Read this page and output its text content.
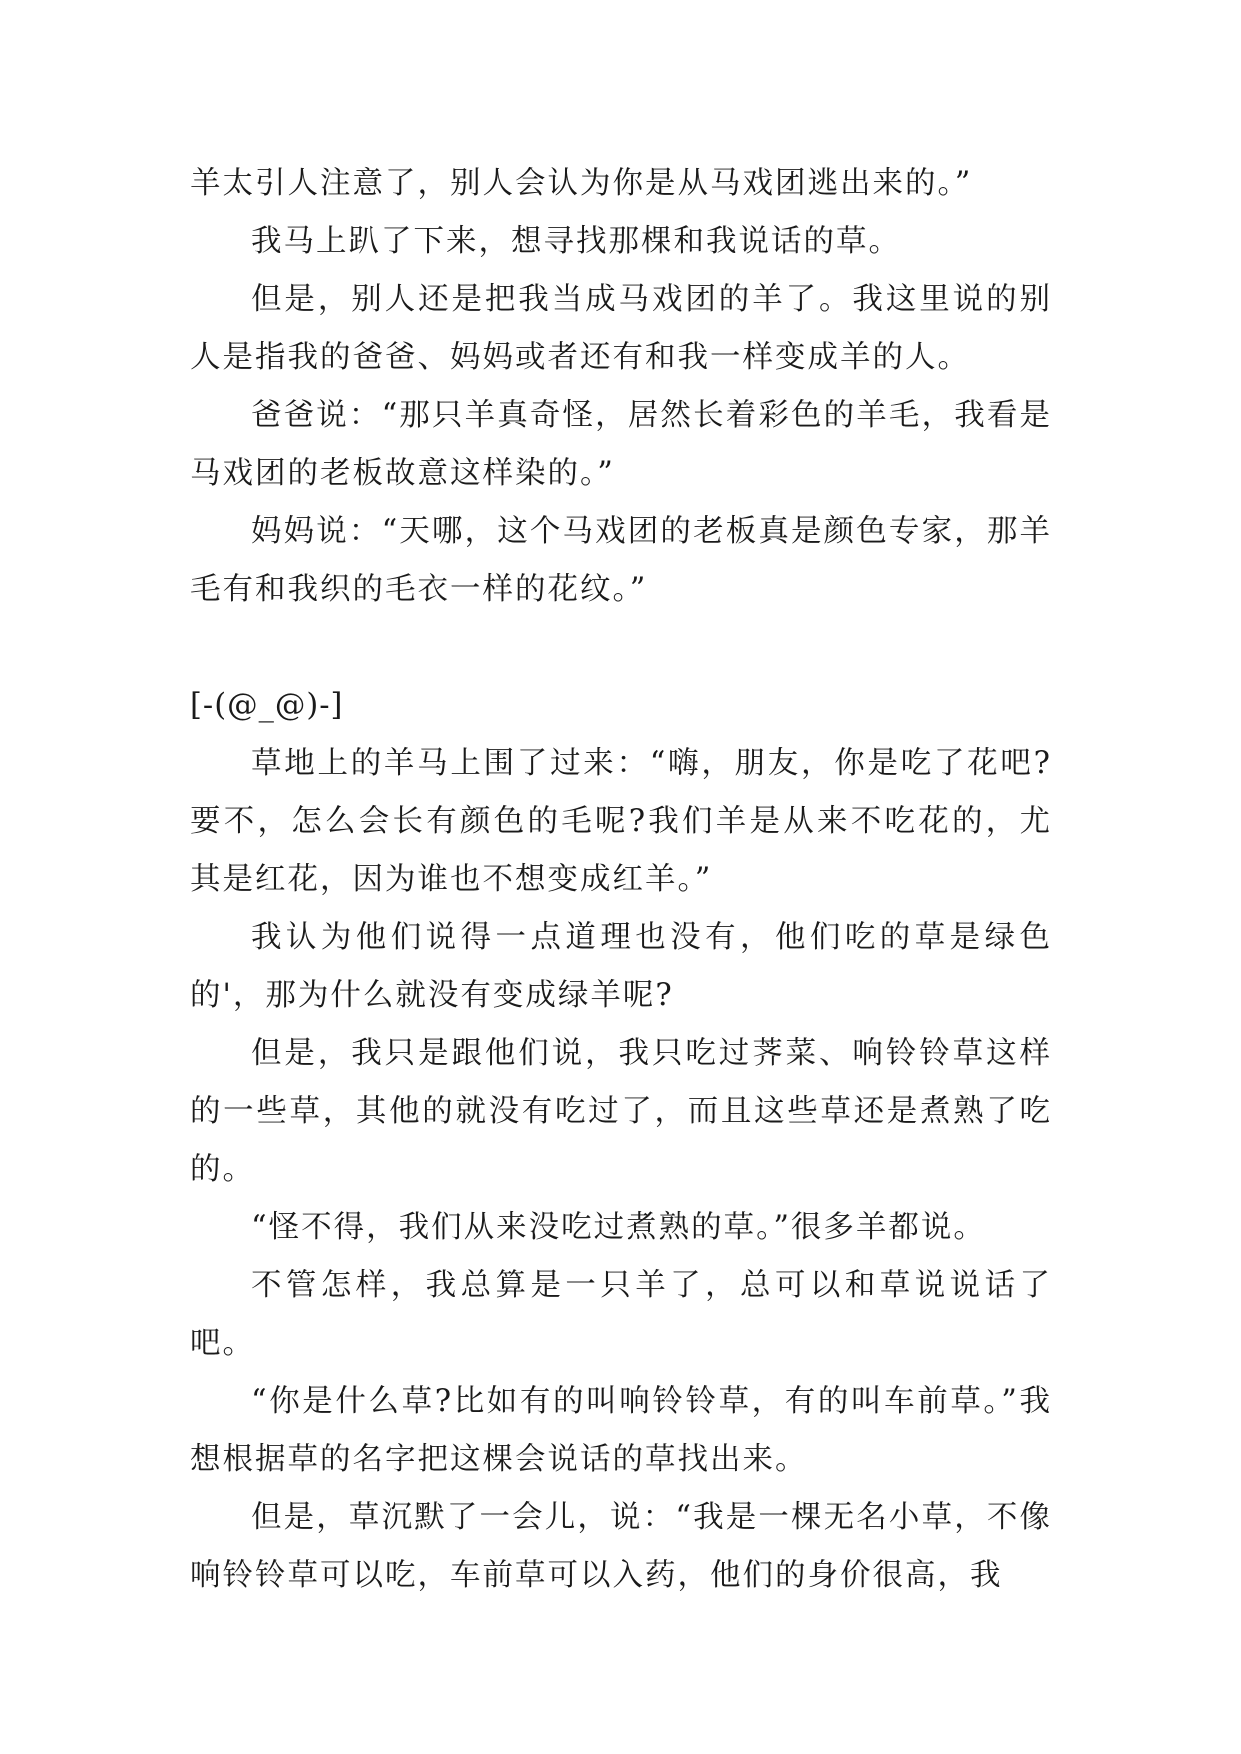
羊太引人注意了，别人会认为你是从马戏团逃出来的。”

我马上趴了下来，想寻找那棵和我说话的草。

但是，别人还是把我当成马戏团的羊了。我这里说的别人是指我的爸爸、妈妈或者还有和我一样变成羊的人。

爸爸说：“那只羊真奇怪，居然长着彩色的羊毛，我看是马戏团的老板故意这样染的。”

妈妈说：“天哪，这个马戏团的老板真是颜色专家，那羊毛有和我织的毛衣一样的花纹。”

[-(@_@)-]

草地上的羊马上围了过来：“嗨，朋友，你是吃了花吧?要不，怎么会长有颜色的毛呢?我们羊是从来不吃花的，尤其是红花，因为谁也不想变成红羊。”

我认为他们说得一点道理也没有，他们吃的草是绿色的'，那为什么就没有变成绿羊呢?

但是，我只是跟他们说，我只吃过荠菜、响铃铃草这样的一些草，其他的就没有吃过了，而且这些草还是煮熟了吃的。

“怪不得，我们从来没吃过煮熟的草。”很多羊都说。

不管怎样，我总算是一只羊了，总可以和草说说话了吧。

“你是什么草?比如有的叫响铃铃草，有的叫车前草。”我想根据草的名字把这棵会说话的草找出来。

但是，草沉默了一会儿，说：“我是一棵无名小草，不像响铃铃草可以吃，车前草可以入药，他们的身价很高，我
